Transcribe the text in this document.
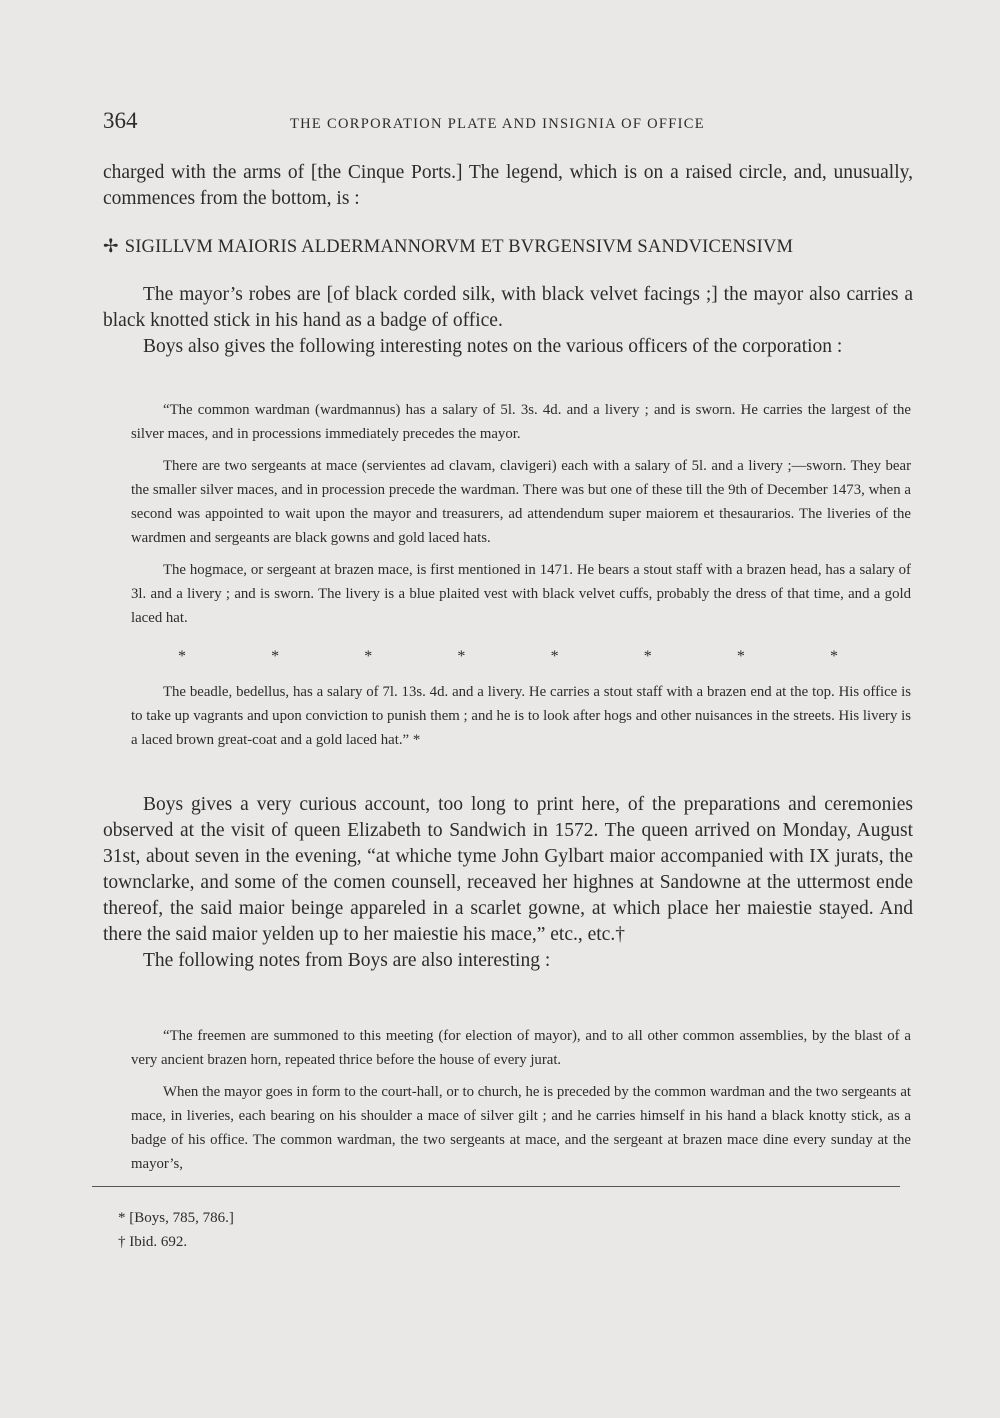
364	THE CORPORATION PLATE AND INSIGNIA OF OFFICE

charged with the arms of [the Cinque Ports.] The legend, which is on a raised circle, and, unusually, commences from the bottom, is :

✢ SIGILLVM MAIORIS ALDERMANNORVM ET BVRGENSIVM SANDVICENSIVM

The mayor’s robes are [of black corded silk, with black velvet facings ;] the mayor also carries a black knotted stick in his hand as a badge of office.

Boys also gives the following interesting notes on the various officers of the corporation :

“The common wardman (wardmannus) has a salary of 5l. 3s. 4d. and a livery ; and is sworn. He carries the largest of the silver maces, and in processions immediately precedes the mayor.

There are two sergeants at mace (servientes ad clavam, clavigeri) each with a salary of 5l. and a livery ;—sworn. They bear the smaller silver maces, and in procession precede the wardman. There was but one of these till the 9th of December 1473, when a second was appointed to wait upon the mayor and treasurers, ad attendendum super maiorem et thesaurarios. The liveries of the wardmen and sergeants are black gowns and gold laced hats.

The hogmace, or sergeant at brazen mace, is first mentioned in 1471. He bears a stout staff with a brazen head, has a salary of 3l. and a livery ; and is sworn. The livery is a blue plaited vest with black velvet cuffs, probably the dress of that time, and a gold laced hat.

*	*	*	*	*	*	*	*

The beadle, bedellus, has a salary of 7l. 13s. 4d. and a livery. He carries a stout staff with a brazen end at the top. His office is to take up vagrants and upon conviction to punish them ; and he is to look after hogs and other nuisances in the streets. His livery is a laced brown great-coat and a gold laced hat.” *

Boys gives a very curious account, too long to print here, of the preparations and ceremonies observed at the visit of queen Elizabeth to Sandwich in 1572. The queen arrived on Monday, August 31st, about seven in the evening, “at whiche tyme John Gylbart maior accompanied with IX jurats, the townclarke, and some of the comen counsell, receaved her highnes at Sandowne at the uttermost ende thereof, the said maior beinge appareled in a scarlet gowne, at which place her maiestie stayed. And there the said maior yelden up to her maiestie his mace,” etc., etc.†

The following notes from Boys are also interesting :

“The freemen are summoned to this meeting (for election of mayor), and to all other common assemblies, by the blast of a very ancient brazen horn, repeated thrice before the house of every jurat.

When the mayor goes in form to the court-hall, or to church, he is preceded by the common wardman and the two sergeants at mace, in liveries, each bearing on his shoulder a mace of silver gilt ; and he carries himself in his hand a black knotty stick, as a badge of his office. The common wardman, the two sergeants at mace, and the sergeant at brazen mace dine every sunday at the mayor’s,

* [Boys, 785, 786.]
† Ibid. 692.
